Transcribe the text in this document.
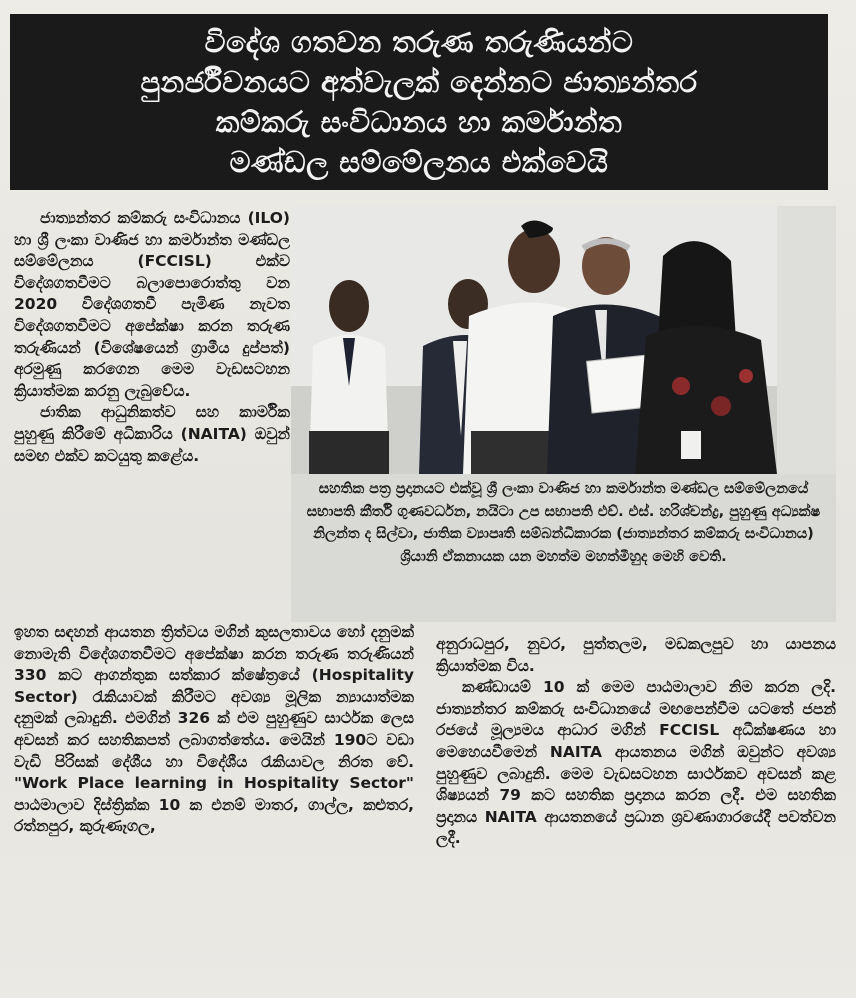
විදේශ ගතවන තරුණ තරුණියන්ට
පුනර්ජීවනයට අත්වැලක් දෙන්නට ජාත්‍යන්තර
කම්කරු සංවිධානය හා කර්මාන්ත
මණ්ඩල සම්මේලනය එක්වෙයි

ජාත්‍යන්තර කම්කරු සංවිධානය (ILO) හා ශ්‍රී ලංකා වාණිජ හා කර්මාන්ත මණ්ඩල සම්මේලනය (FCCISL) එක්ව විදේශගතවීමට බලාපොරොත්තු වන 2020 විදේශගතවී පැමිණ නැවත විදේශගතවීමට අපේක්ෂා කරන තරුණ තරුණියන් (විශේෂයෙන් ග්‍රාමීය දුප්පත්) අරමුණු කරගෙන මෙම වැඩසටහන ක්‍රියාත්මක කරනු ලැබුවේය.

ජාතික ආධුනිකත්ව සහ කාර්මික පුහුණු කිරීමේ අධිකාරිය (NAITA) ඔවුන් සමඟ එක්ව කටයුතු කළේය.

සහතික පත්‍ර ප්‍රදානයට එක්වූ ශ්‍රී ලංකා වාණිජ හා කර්මාන්ත මණ්ඩල සම්මේලනයේ සභාපති කීර්ති ගුණවර්ධන, නයිටා උප සභාපති එච්. එස්. හරිශ්චන්ද්‍ර, පුහුණු අධ්‍යක්ෂ නිලන්ත ද සිල්වා, ජාතික ව්‍යාපෘති සම්බන්ධීකාරක (ජාත්‍යන්තර කම්කරු සංවිධානය) ශ්‍රියානි ඒකනායක යන මහත්ම මහත්මීහුද මෙහි වෙති.

ඉහත සඳහන් ආයතන ත්‍රිත්වය මගින් කුසලතාවය හෝ දනුමක් නොමැති විදේශගතවීමට අපේක්ෂා කරන තරුණ තරුණියන් 330 කට ආගන්තුක සත්කාර ක්ෂේත්‍රයේ (Hospitality Sector) රැකියාවක් කිරීමට අවශ්‍ය මූලික න්‍යායාත්මක දනුමක් ලබාදුනි. එමගින් 326 ක් එම පුහුණුව සාර්ථක ලෙස අවසන් කර සහතිකපත් ලබාගත්තේය. මෙයින් 190ට වඩා වැඩි පිරිසක් දේශීය හා විදේශීය රැකියාවල නිරත වේ. "Work Place learning in Hospitality Sector" පාඨමාලාව දිස්ත්‍රික්ක 10 ක එනම් මාතර, ගාල්ල, කළුතර, රත්නපුර, කුරුණෑගල,

අනුරාධපුර, නුවර, පුත්තලම, මඩකලපුව හා යාපනය ක්‍රියාත්මක විය.

කණ්ඩායම් 10 ක් මෙම පාඨමාලාව නිම කරන ලදි. ජාත්‍යන්තර කම්කරු සංවිධානයේ මඟපෙන්වීම යටතේ ජපන් රජයේ මූල්‍යමය ආධාර මගින් FCCISL අධීක්ෂණය හා මෙහෙයවීමෙන් NAITA ආයතනය මගින් ඔවුන්ට අවශ්‍ය පුහුණුව ලබාදුනි. මෙම වැඩසටහන සාර්ථකව අවසන් කළ ශිෂ්‍යයන් 79 කට සහතික ප්‍රදානය කරන ලදී. එම සහතික ප්‍රදානය NAITA ආයතනයේ ප්‍රධාන ශ්‍රවණාගාරයේදී පවත්වන ලදී.
